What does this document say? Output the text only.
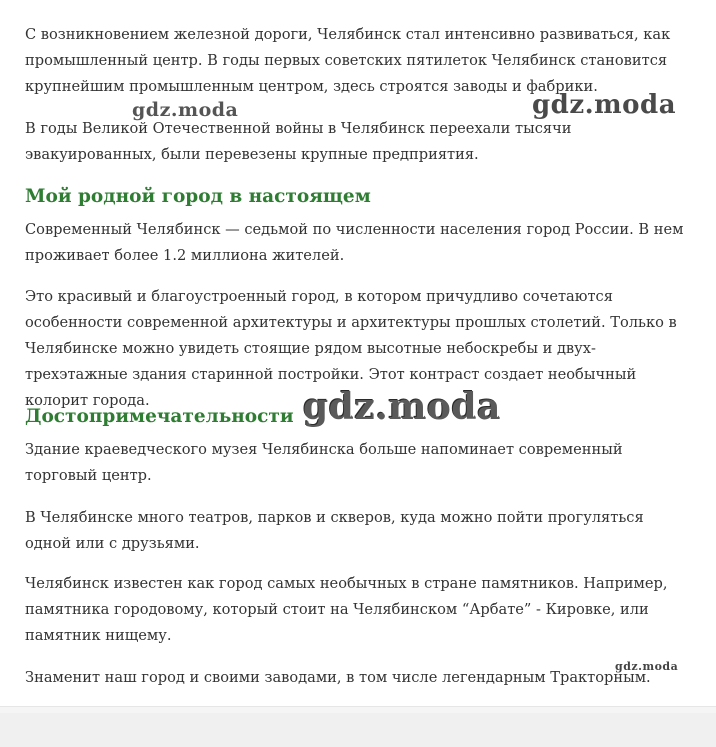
С возникновением железной дороги, Челябинск стал интенсивно развиваться, как промышленный центр. В годы первых советских пятилеток Челябинск становится крупнейшим промышленным центром, здесь строятся заводы и фабрики.

В годы Великой Отечественной войны в Челябинск переехали тысячи эвакуированных, были перевезены крупные предприятия.

Мой родной город в настоящем

Современный Челябинск — седьмой по численности населения город России. В нем проживает более 1.2 миллиона жителей.

Это красивый и благоустроенный город, в котором причудливо сочетаются особенности современной архитектуры и архитектуры прошлых столетий. Только в Челябинске можно увидеть стоящие рядом высотные небоскребы и двух-трехэтажные здания старинной постройки. Этот контраст создает необычный колорит города.

Достопримечательности

Здание краеведческого музея Челябинска больше напоминает современный торговый центр.

В Челябинске много театров, парков и скверов, куда можно пойти прогуляться одной или с друзьями.

Челябинск известен как город самых необычных в стране памятников. Например, памятника городовому, который стоит на Челябинском “Арбате” - Кировке, или памятник нищему.

Знаменит наш город и своими заводами, в том числе легендарным Тракторным.

gdz.moda	gdz.moda
gdz.moda
gdz.moda
